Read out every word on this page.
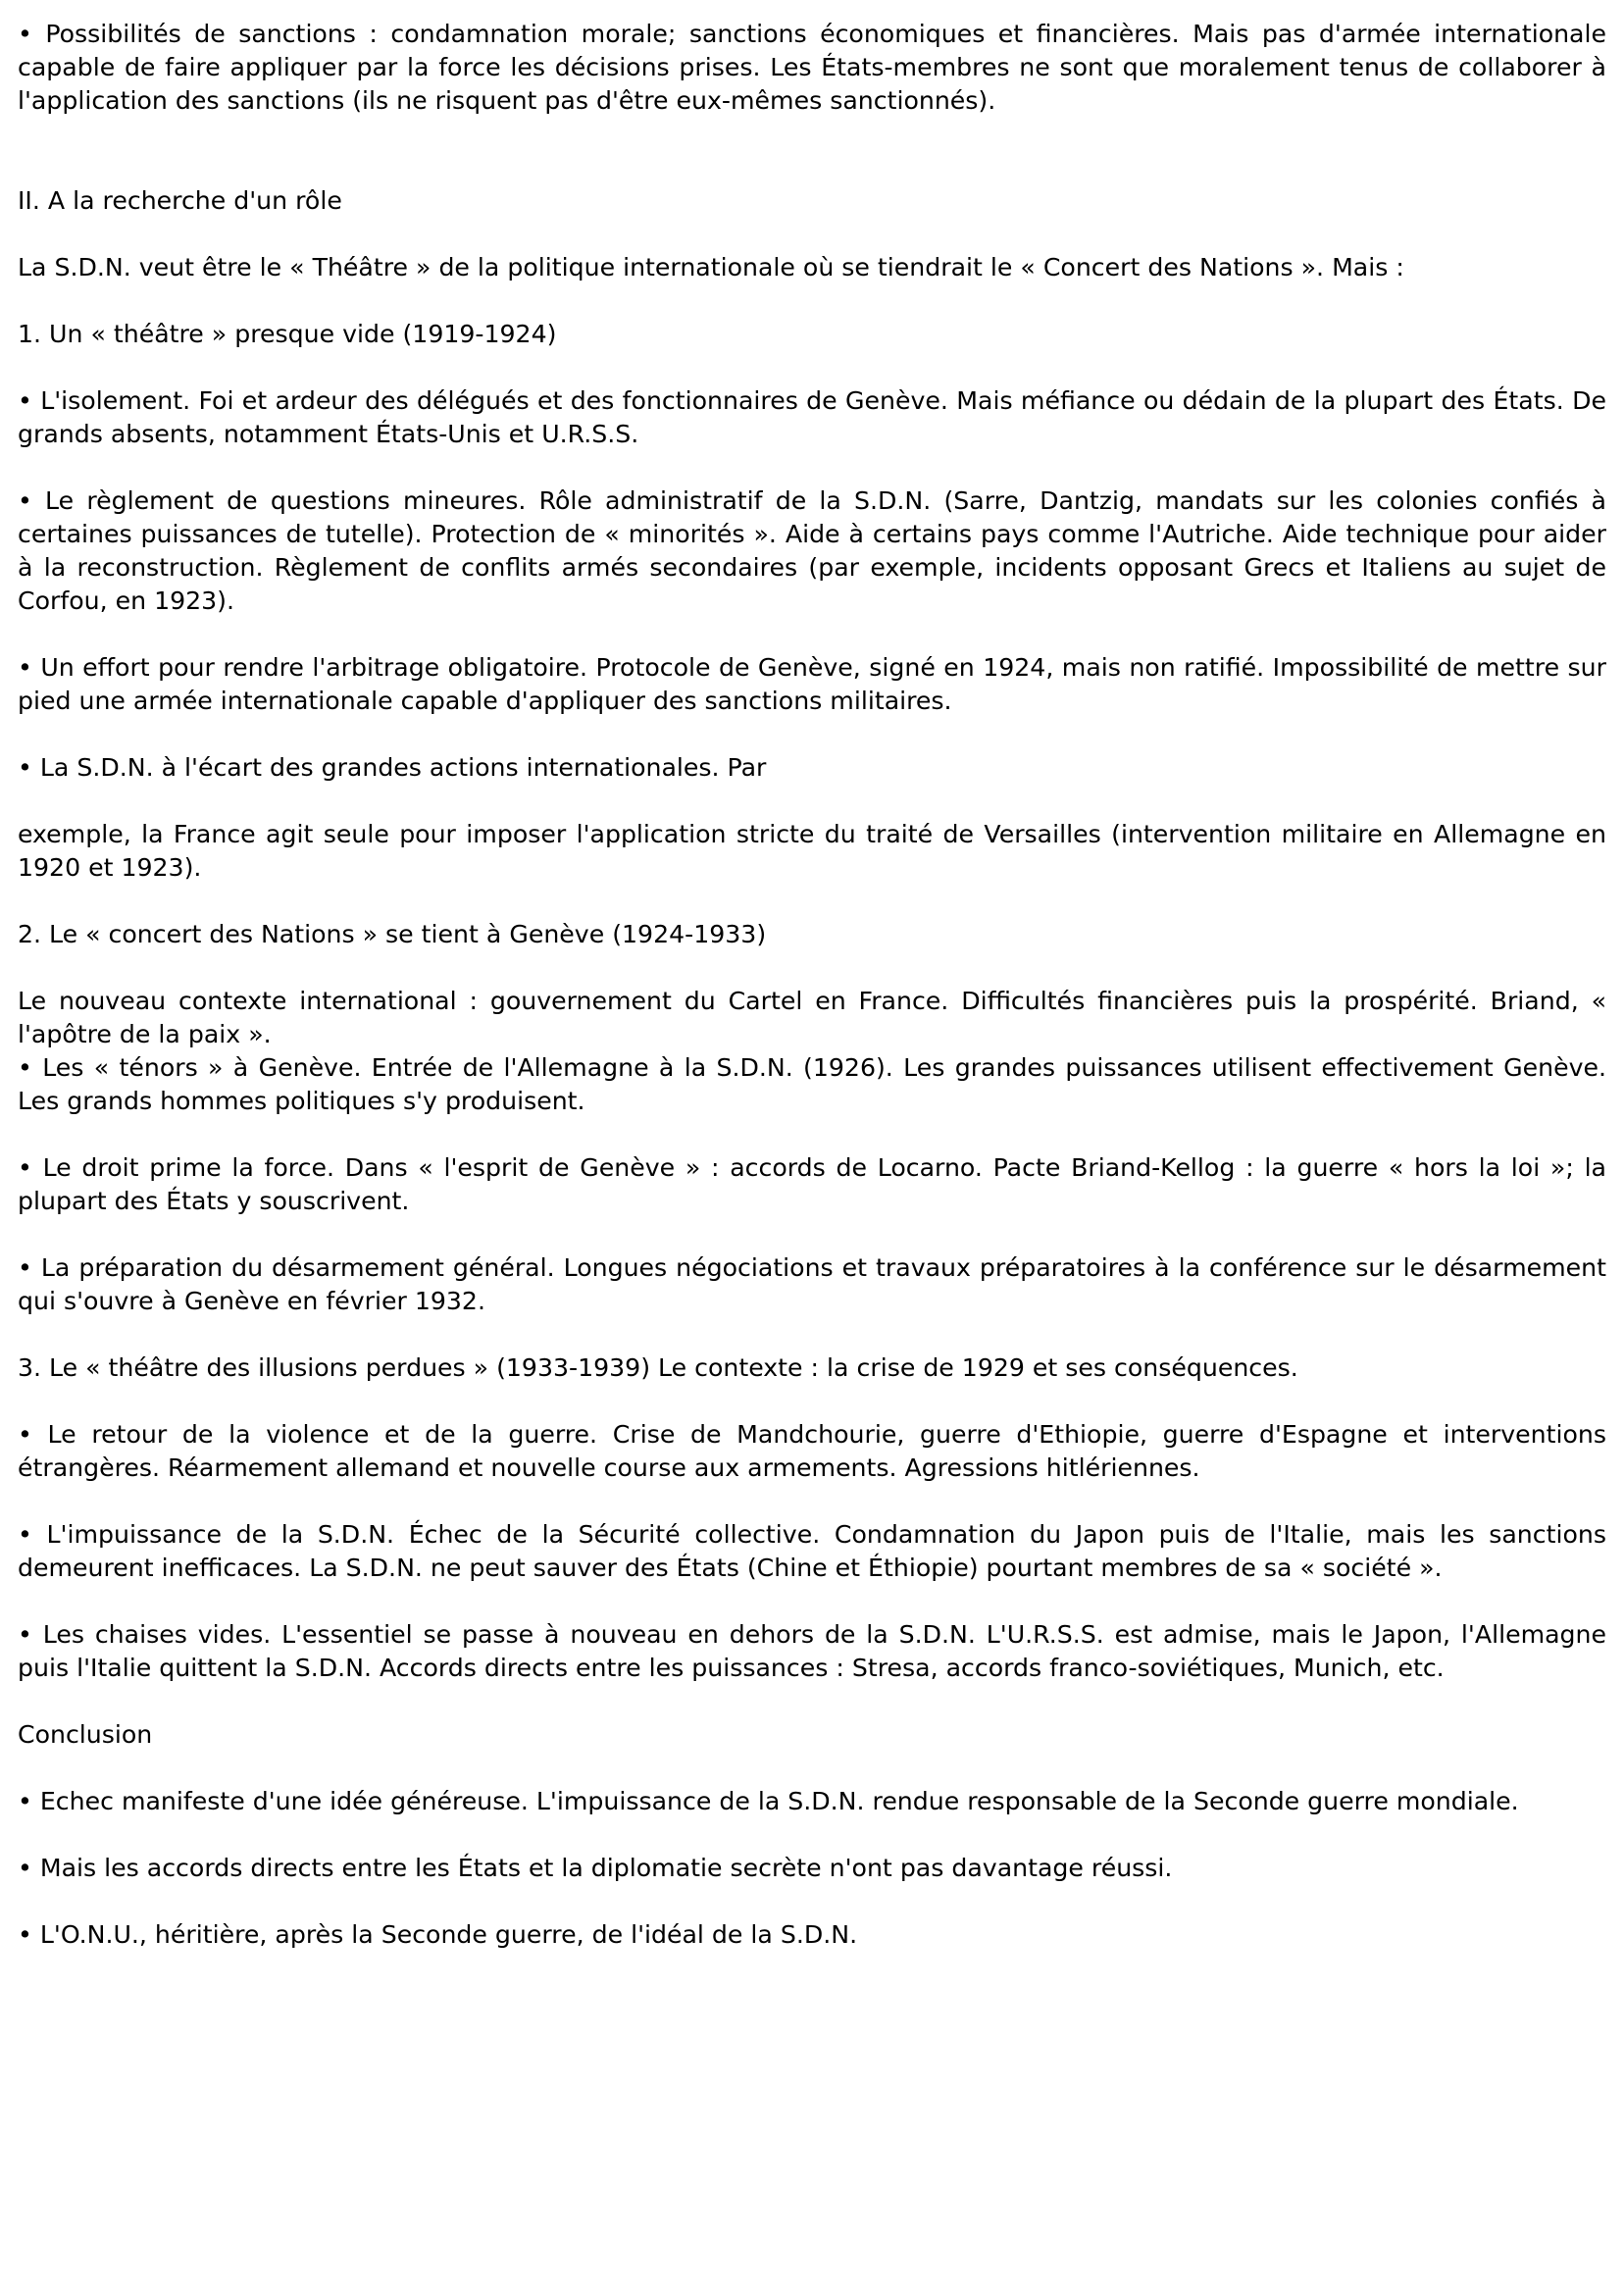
• Possibilités de sanctions : condamnation morale; sanctions économiques et financières. Mais pas d'armée internationale capable de faire appliquer par la force les décisions prises. Les États-membres ne sont que moralement tenus de collaborer à l'application des sanctions (ils ne risquent pas d'être eux-mêmes sanctionnés).

II. A la recherche d'un rôle

La S.D.N. veut être le « Théâtre » de la politique internationale où se tiendrait le « Concert des Nations ». Mais :

1. Un « théâtre » presque vide (1919-1924)

• L'isolement. Foi et ardeur des délégués et des fonctionnaires de Genève. Mais méfiance ou dédain de la plupart des États. De grands absents, notamment États-Unis et U.R.S.S.

• Le règlement de questions mineures. Rôle administratif de la S.D.N. (Sarre, Dantzig, mandats sur les colonies confiés à certaines puissances de tutelle). Protection de « minorités ». Aide à certains pays comme l'Autriche. Aide technique pour aider à la reconstruction. Règlement de conflits armés secondaires (par exemple, incidents opposant Grecs et Italiens au sujet de Corfou, en 1923).

• Un effort pour rendre l'arbitrage obligatoire. Protocole de Genève, signé en 1924, mais non ratifié. Impossibilité de mettre sur pied une armée internationale capable d'appliquer des sanctions militaires.

• La S.D.N. à l'écart des grandes actions internationales. Par

exemple, la France agit seule pour imposer l'application stricte du traité de Versailles (intervention militaire en Allemagne en 1920 et 1923).

2. Le « concert des Nations » se tient à Genève (1924-1933)

Le nouveau contexte international : gouvernement du Cartel en France. Difficultés financières puis la prospérité. Briand, « l'apôtre de la paix ».

• Les « ténors » à Genève. Entrée de l'Allemagne à la S.D.N. (1926). Les grandes puissances utilisent effectivement Genève. Les grands hommes politiques s'y produisent.

• Le droit prime la force. Dans « l'esprit de Genève » : accords de Locarno. Pacte Briand-Kellog : la guerre « hors la loi »; la plupart des États y souscrivent.

• La préparation du désarmement général. Longues négociations et travaux préparatoires à la conférence sur le désarmement qui s'ouvre à Genève en février 1932.

3. Le « théâtre des illusions perdues » (1933-1939) Le contexte : la crise de 1929 et ses conséquences.

• Le retour de la violence et de la guerre. Crise de Mandchourie, guerre d'Ethiopie, guerre d'Espagne et interventions étrangères. Réarmement allemand et nouvelle course aux armements. Agressions hitlériennes.

• L'impuissance de la S.D.N. Échec de la Sécurité collective. Condamnation du Japon puis de l'Italie, mais les sanctions demeurent inefficaces. La S.D.N. ne peut sauver des États (Chine et Éthiopie) pourtant membres de sa « société ».

• Les chaises vides. L'essentiel se passe à nouveau en dehors de la S.D.N. L'U.R.S.S. est admise, mais le Japon, l'Allemagne puis l'Italie quittent la S.D.N. Accords directs entre les puissances : Stresa, accords franco-soviétiques, Munich, etc.

Conclusion

• Echec manifeste d'une idée généreuse. L'impuissance de la S.D.N. rendue responsable de la Seconde guerre mondiale.

• Mais les accords directs entre les États et la diplomatie secrète n'ont pas davantage réussi.

• L'O.N.U., héritière, après la Seconde guerre, de l'idéal de la S.D.N.
